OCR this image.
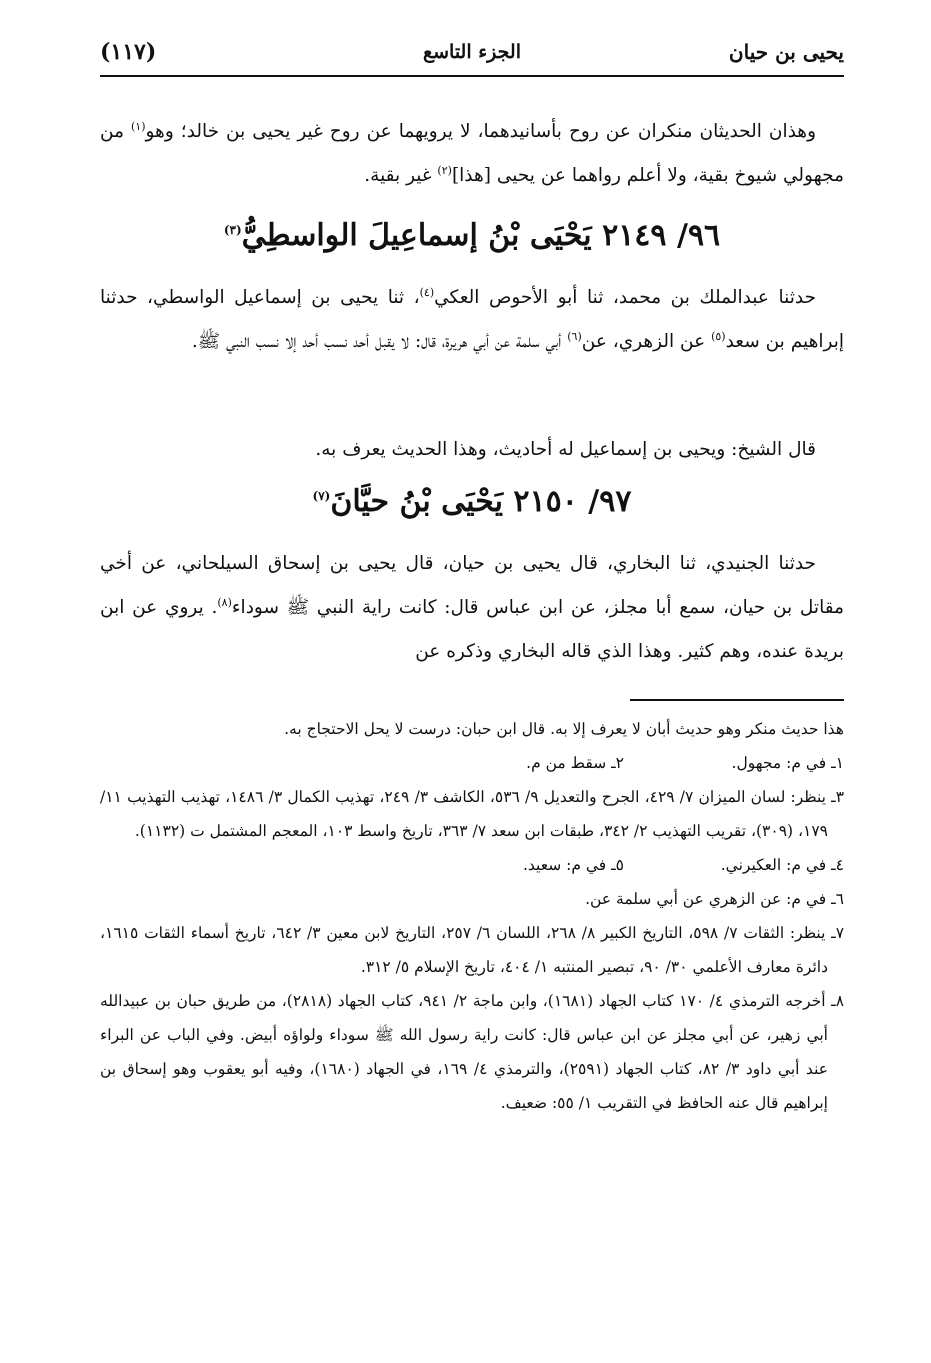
يحيى بن حيان
الجزء التاسع
(١١٧)
وهذان الحديثان منكران عن روح بأسانيدهما، لا يرويهما عن روح غير يحيى بن خالد؛ وهو$^{(١)}$ من مجهولي شيوخ بقية، ولا أعلم رواهما عن يحيى [هذا]$^{(٢)}$ غير بقية.
٩٦/ ٢١٤٩ يَحْيَى بْنُ إسماعِيلَ الواسطِيُّ$^{(٣)}$
حدثنا عبدالملك بن محمد، ثنا أبو الأحوص العكي$^{(٤)}$، ثنا يحيى بن إسماعيل الواسطي، حدثنا إبراهيم بن سعد$^{(٥)}$ عن الزهري، عن$^{(٦)}$ أبي سلمة عن أبي هريرة، قال: لا يقبل أحد نسب أحد إلا نسب النبي ﷺ.
قال الشيخ: ويحيى بن إسماعيل له أحاديث، وهذا الحديث يعرف به.
٩٧/ ٢١٥٠ يَحْيَى بْنُ حيَّانَ$^{(٧)}$
حدثنا الجنيدي، ثنا البخاري، قال يحيى بن حيان، قال يحيى بن إسحاق السيلحاني، عن أخي مقاتل بن حيان، سمع أبا مجلز، عن ابن عباس قال: كانت راية النبي ﷺ سوداء$^{(٨)}$. يروي عن ابن بريدة عنده، وهم كثير. وهذا الذي قاله البخاري وذكره عن
هذا حديث منكر وهو حديث أبان لا يعرف إلا به. قال ابن حبان: درست لا يحل الاحتجاج به.
١ـ في م: مجهول.
٢ـ سقط من م.
٣ـ ينظر: لسان الميزان ٧/ ٤٢٩، الجرح والتعديل ٩/ ٥٣٦، الكاشف ٣/ ٢٤٩، تهذيب الكمال ٣/ ١٤٨٦، تهذيب التهذيب ١١/ ١٧٩، (٣٠٩)، تقريب التهذيب ٢/ ٣٤٢، طبقات ابن سعد ٧/ ٣٦٣، تاريخ واسط ١٠٣، المعجم المشتمل ت (١١٣٢).
٤ـ في م: العكيرني.
٥ـ في م: سعيد.
٦ـ في م: عن الزهري عن أبي سلمة عن.
٧ـ ينظر: الثقات ٧/ ٥٩٨، التاريخ الكبير ٨/ ٢٦٨، اللسان ٦/ ٢٥٧، التاريخ لابن معين ٣/ ٦٤٢، تاريخ أسماء الثقات ١٦١٥، دائرة معارف الأعلمي ٣٠/ ٩٠، تبصير المنتبه ١/ ٤٠٤، تاريخ الإسلام ٥/ ٣١٢.
٨ـ أخرجه الترمذي ٤/ ١٧٠ كتاب الجهاد (١٦٨١)، وابن ماجة ٢/ ٩٤١، كتاب الجهاد (٢٨١٨)، من طريق حبان بن عبيدالله أبي زهير، عن أبي مجلز عن ابن عباس قال: كانت راية رسول الله ﷺ سوداء ولواؤه أبيض. وفي الباب عن البراء عند أبي داود ٣/ ٨٢، كتاب الجهاد (٢٥٩١)، والترمذي ٤/ ١٦٩، في الجهاد (١٦٨٠)، وفيه أبو يعقوب وهو إسحاق بن إبراهيم قال عنه الحافظ في التقريب ١/ ٥٥: ضعيف.
